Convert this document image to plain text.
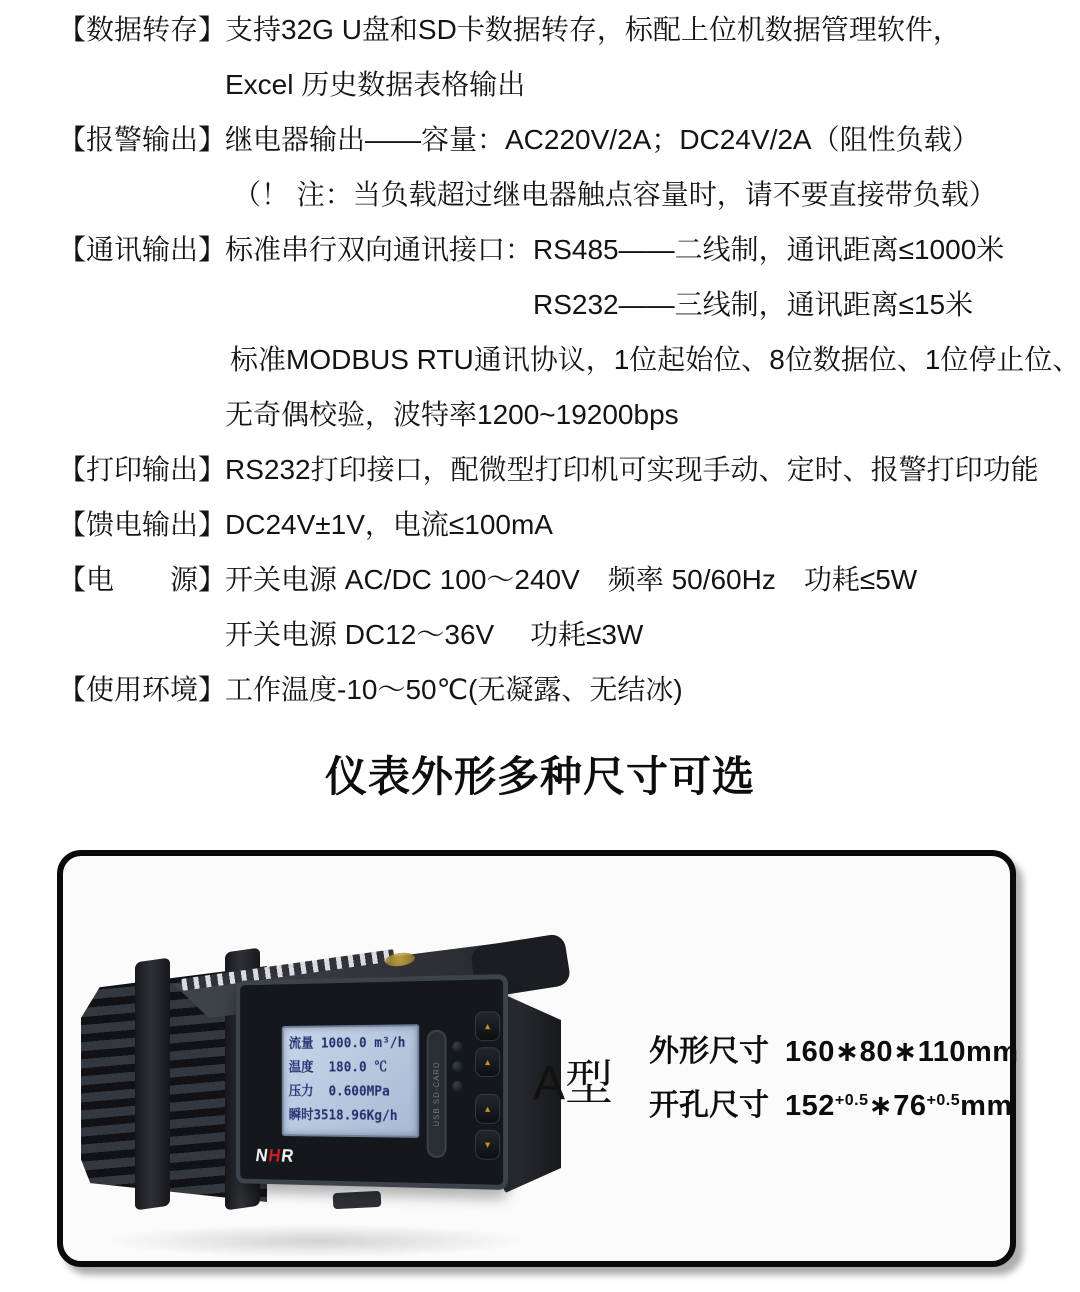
【数据转存】
支持32G U盘和SD卡数据转存，标配上位机数据管理软件，
Excel 历史数据表格输出
【报警输出】
继电器输出——容量：AC220V/2A；DC24V/2A（阻性负载）
（！ 注：当负载超过继电器触点容量时，请不要直接带负载）
【通讯输出】
标准串行双向通讯接口：RS485——二线制，通讯距离≤1000米
RS232——三线制，通讯距离≤15米
标准MODBUS RTU通讯协议，1位起始位、8位数据位、1位停止位、
无奇偶校验，波特率1200~19200bps
【打印输出】
RS232打印接口，配微型打印机可实现手动、定时、报警打印功能
【馈电输出】
DC24V±1V，电流≤100mA
【电　　源】
开关电源 AC/DC 100～240V　频率 50/60Hz　功耗≤5W
开关电源 DC12～36V　 功耗≤3W
【使用环境】
工作温度-10～50℃(无凝露、无结冰)
仪表外形多种尺寸可选
流量 1000.0 m³/h
温度  180.0 ℃
压力  0.600MPa
瞬时3518.96Kg/h	USB SD-CARD
▲
▲
▲
▼
NHR
A型
外形尺寸 160∗80∗110mm
开孔尺寸 $152^{+0.5}∗76^{+0.5}mm$
